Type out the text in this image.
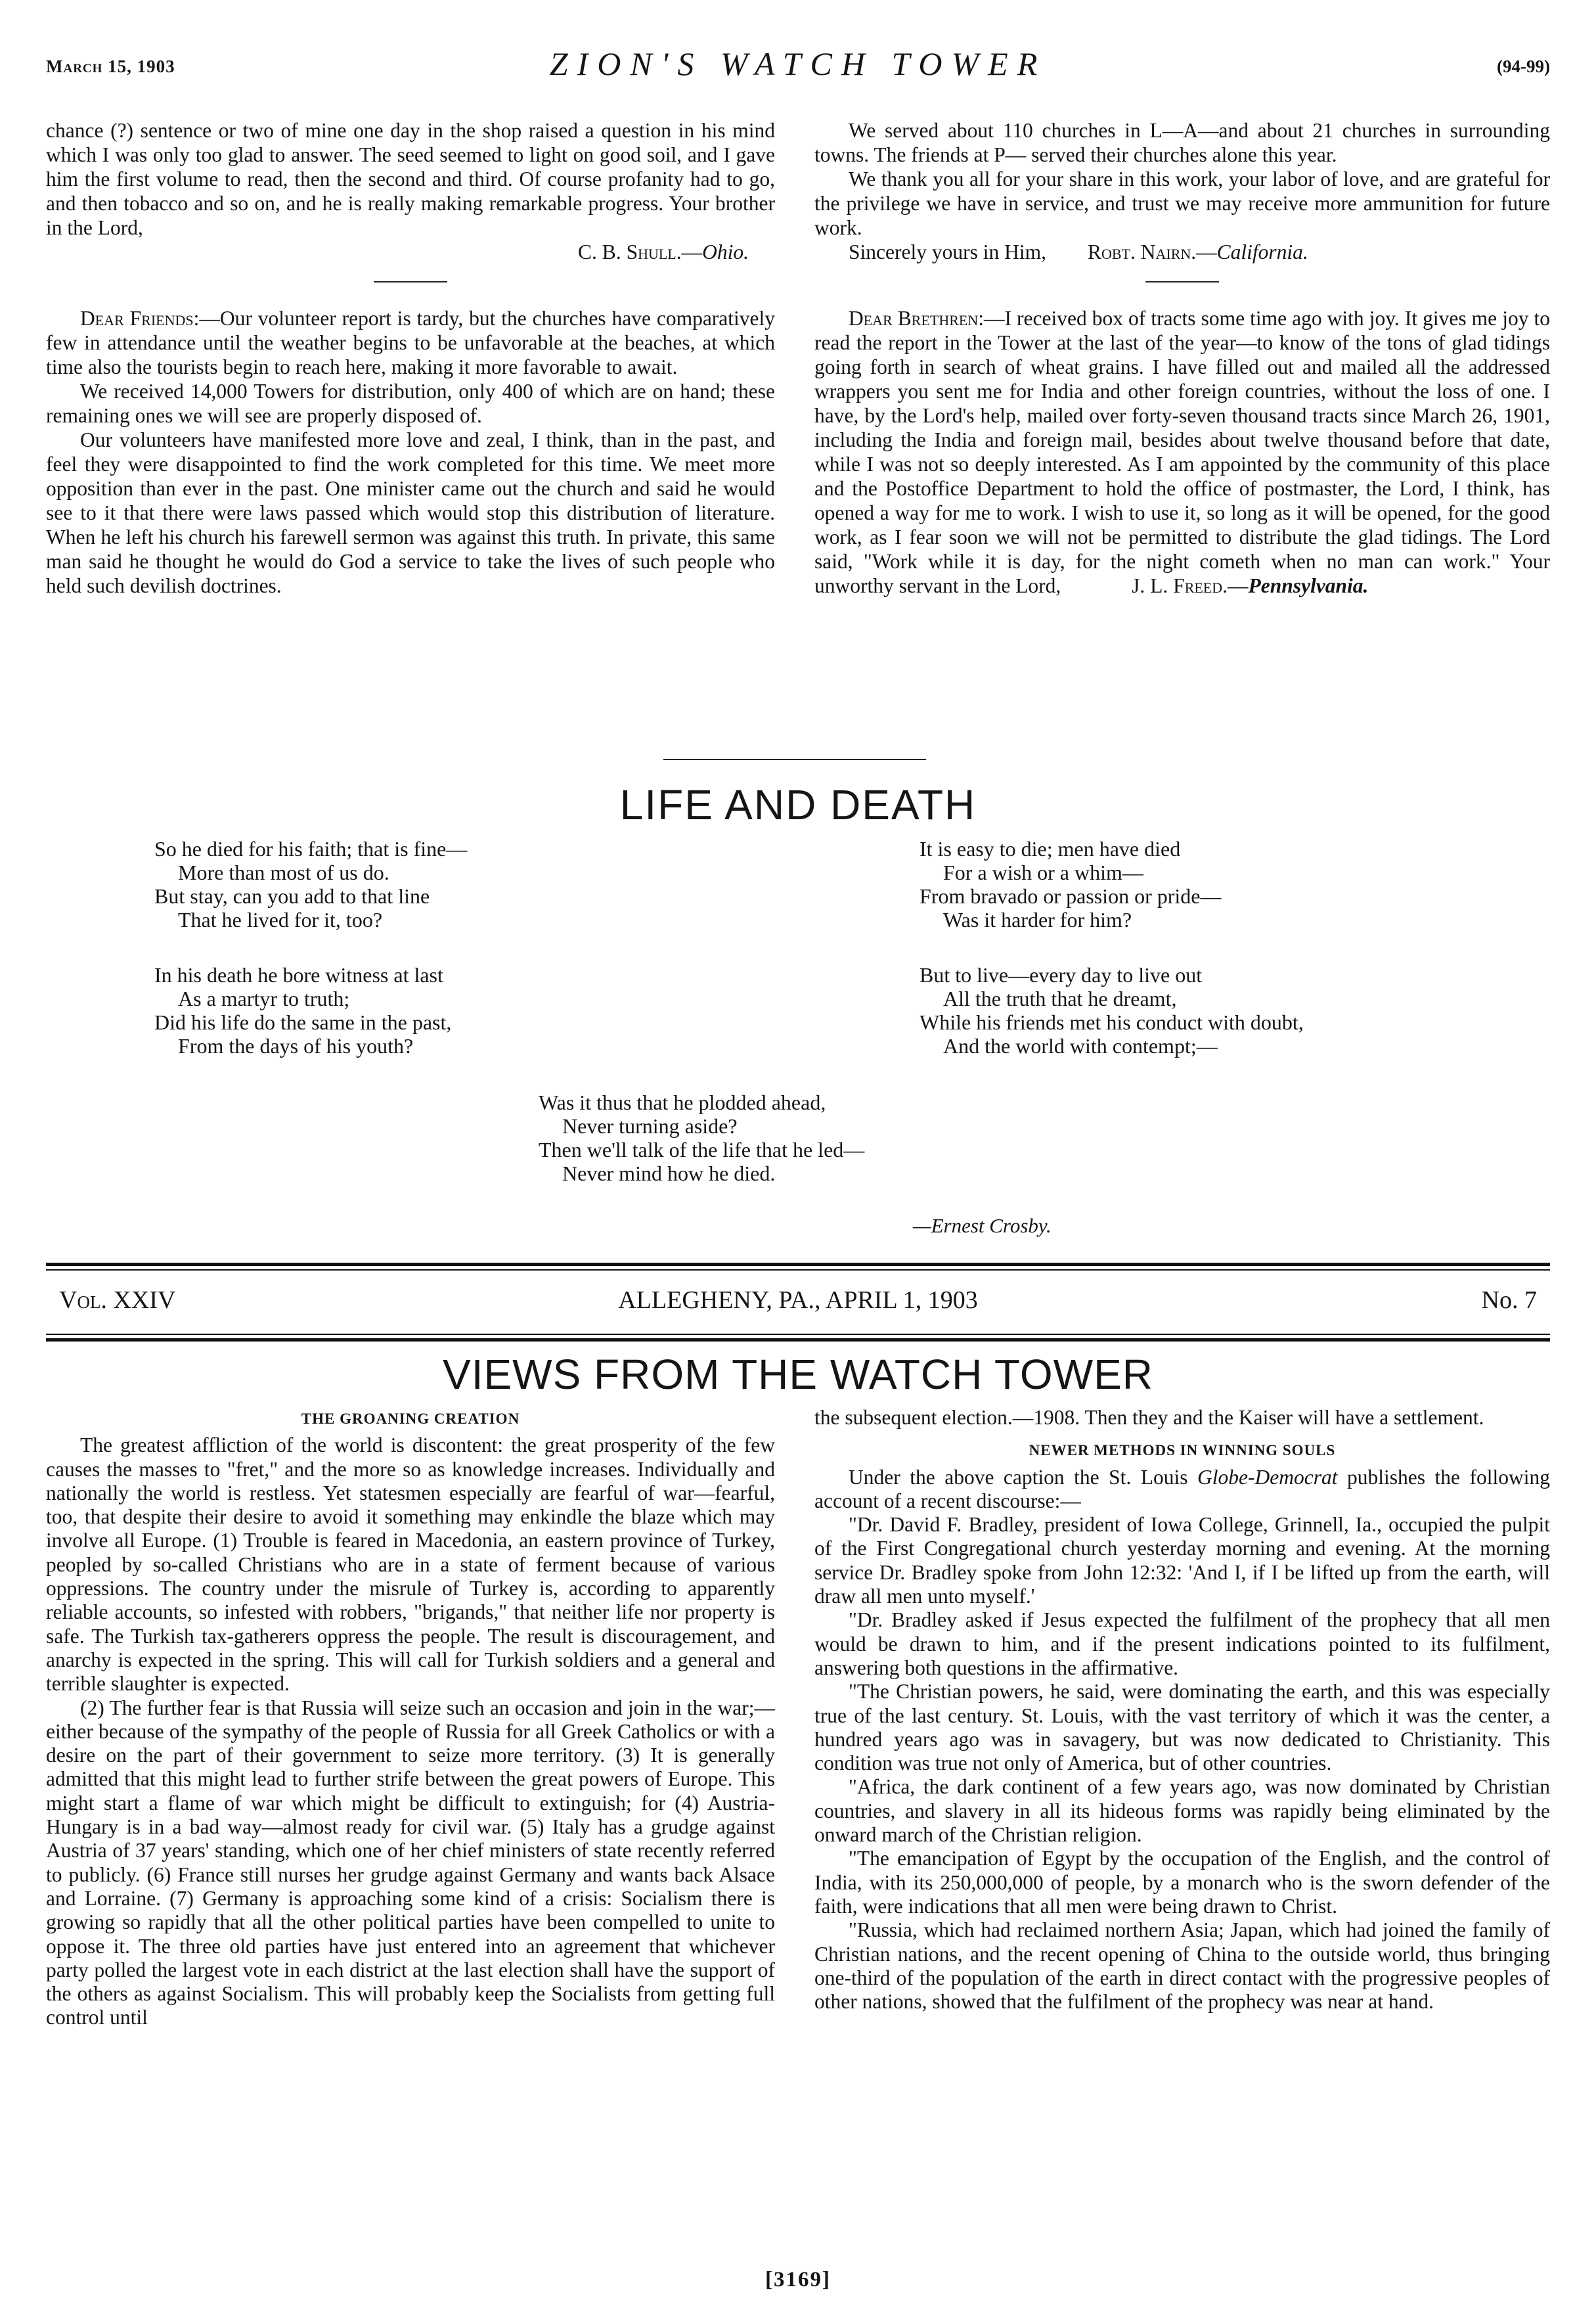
March 15, 1903	ZION'S WATCH TOWER	(94-99)

chance (?) sentence or two of mine one day in the shop raised a question in his mind which I was only too glad to answer. The seed seemed to light on good soil, and I gave him the first volume to read, then the second and third. Of course profanity had to go, and then tobacco and so on, and he is really making remarkable progress. Your brother in the Lord,

C. B. Shull.—Ohio.

Dear Friends:—Our volunteer report is tardy, but the churches have comparatively few in attendance until the weather begins to be unfavorable at the beaches, at which time also the tourists begin to reach here, making it more favorable to await.

We received 14,000 Towers for distribution, only 400 of which are on hand; these remaining ones we will see are properly disposed of.

Our volunteers have manifested more love and zeal, I think, than in the past, and feel they were disappointed to find the work completed for this time. We meet more opposition than ever in the past. One minister came out the church and said he would see to it that there were laws passed which would stop this distribution of literature. When he left his church his farewell sermon was against this truth. In private, this same man said he thought he would do God a service to take the lives of such people who held such devilish doctrines.

We served about 110 churches in L—A—and about 21 churches in surrounding towns. The friends at P— served their churches alone this year.

We thank you all for your share in this work, your labor of love, and are grateful for the privilege we have in service, and trust we may receive more ammunition for future work.

Sincerely yours in Him, Robt. Nairn.—California.

Dear Brethren:—I received box of tracts some time ago with joy. It gives me joy to read the report in the Tower at the last of the year—to know of the tons of glad tidings going forth in search of wheat grains. I have filled out and mailed all the addressed wrappers you sent me for India and other foreign countries, without the loss of one. I have, by the Lord's help, mailed over forty-seven thousand tracts since March 26, 1901, including the India and foreign mail, besides about twelve thousand before that date, while I was not so deeply interested. As I am appointed by the community of this place and the Postoffice Department to hold the office of postmaster, the Lord, I think, has opened a way for me to work. I wish to use it, so long as it will be opened, for the good work, as I fear soon we will not be permitted to distribute the glad tidings. The Lord said, "Work while it is day, for the night cometh when no man can work." Your unworthy servant in the Lord,	J. L. Freed.—Pennsylvania.

LIFE AND DEATH
So he died for his faith; that is fine—
More than most of us do.
But stay, can you add to that line
That he lived for it, too?
In his death he bore witness at last
As a martyr to truth;
Did his life do the same in the past,
From the days of his youth?
It is easy to die; men have died
For a wish or a whim—
From bravado or passion or pride—
Was it harder for him?
But to live—every day to live out
All the truth that he dreamt,
While his friends met his conduct with doubt,
And the world with contempt;—
Was it thus that he plodded ahead,
Never turning aside?
Then we'll talk of the life that he led—
Never mind how he died.
—Ernest Crosby.
Vol. XXIV	ALLEGHENY, PA., APRIL 1, 1903	No. 7
VIEWS FROM THE WATCH TOWER
THE GROANING CREATION

The greatest affliction of the world is discontent: the great prosperity of the few causes the masses to "fret," and the more so as knowledge increases. Individually and nationally the world is restless. Yet statesmen especially are fearful of war—fearful, too, that despite their desire to avoid it something may enkindle the blaze which may involve all Europe. (1) Trouble is feared in Macedonia, an eastern province of Turkey, peopled by so-called Christians who are in a state of ferment because of various oppressions. The country under the misrule of Turkey is, according to apparently reliable accounts, so infested with robbers, "brigands," that neither life nor property is safe. The Turkish tax-gatherers oppress the people. The result is discouragement, and anarchy is expected in the spring. This will call for Turkish soldiers and a general and terrible slaughter is expected.

(2) The further fear is that Russia will seize such an occasion and join in the war;—either because of the sympathy of the people of Russia for all Greek Catholics or with a desire on the part of their government to seize more territory. (3) It is generally admitted that this might lead to further strife between the great powers of Europe. This might start a flame of war which might be difficult to extinguish; for (4) Austria-Hungary is in a bad way—almost ready for civil war. (5) Italy has a grudge against Austria of 37 years' standing, which one of her chief ministers of state recently referred to publicly. (6) France still nurses her grudge against Germany and wants back Alsace and Lorraine. (7) Germany is approaching some kind of a crisis: Socialism there is growing so rapidly that all the other political parties have been compelled to unite to oppose it. The three old parties have just entered into an agreement that whichever party polled the largest vote in each district at the last election shall have the support of the others as against Socialism. This will probably keep the Socialists from getting full control until

the subsequent election.—1908. Then they and the Kaiser will have a settlement.

NEWER METHODS IN WINNING SOULS

Under the above caption the St. Louis Globe-Democrat publishes the following account of a recent discourse:—

"Dr. David F. Bradley, president of Iowa College, Grinnell, Ia., occupied the pulpit of the First Congregational church yesterday morning and evening. At the morning service Dr. Bradley spoke from John 12:32: 'And I, if I be lifted up from the earth, will draw all men unto myself.'

"Dr. Bradley asked if Jesus expected the fulfilment of the prophecy that all men would be drawn to him, and if the present indications pointed to its fulfilment, answering both questions in the affirmative.

"The Christian powers, he said, were dominating the earth, and this was especially true of the last century. St. Louis, with the vast territory of which it was the center, a hundred years ago was in savagery, but was now dedicated to Christianity. This condition was true not only of America, but of other countries.

"Africa, the dark continent of a few years ago, was now dominated by Christian countries, and slavery in all its hideous forms was rapidly being eliminated by the onward march of the Christian religion.

"The emancipation of Egypt by the occupation of the English, and the control of India, with its 250,000,000 of people, by a monarch who is the sworn defender of the faith, were indications that all men were being drawn to Christ.

"Russia, which had reclaimed northern Asia; Japan, which had joined the family of Christian nations, and the recent opening of China to the outside world, thus bringing one-third of the population of the earth in direct contact with the progressive peoples of other nations, showed that the fulfilment of the prophecy was near at hand.

[3169]
